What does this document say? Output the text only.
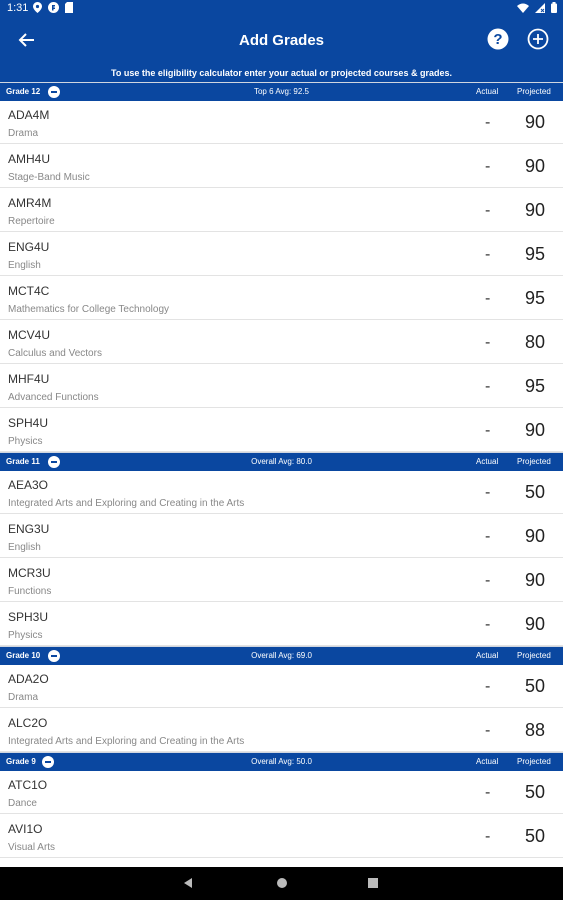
1:31
Add Grades	?
To use the eligibility calculator enter your actual or projected courses & grades.
Grade 12	Top 6 Avg: 92.5	Actual Projected
ADA4M
Drama
-	90
AMH4U
Stage-Band Music
-	90
AMR4M
Repertoire
-	90
ENG4U
English
-	95
MCT4C
Mathematics for College Technology
-	95
MCV4U
Calculus and Vectors
-	80
MHF4U
Advanced Functions
-	95
SPH4U
Physics
-	90
Grade 11	Overall Avg: 80.0	Actual Projected
AEA3O
Integrated Arts and Exploring and Creating in the Arts
-	50
ENG3U
English
-	90
MCR3U
Functions
-	90
SPH3U
Physics
-	90
Grade 10	Overall Avg: 69.0	Actual Projected
ADA2O
Drama
-	50
ALC2O
Integrated Arts and Exploring and Creating in the Arts
-	88
Grade 9	Overall Avg: 50.0	Actual Projected
ATC1O
Dance
-	50
AVI1O
Visual Arts
-	50
